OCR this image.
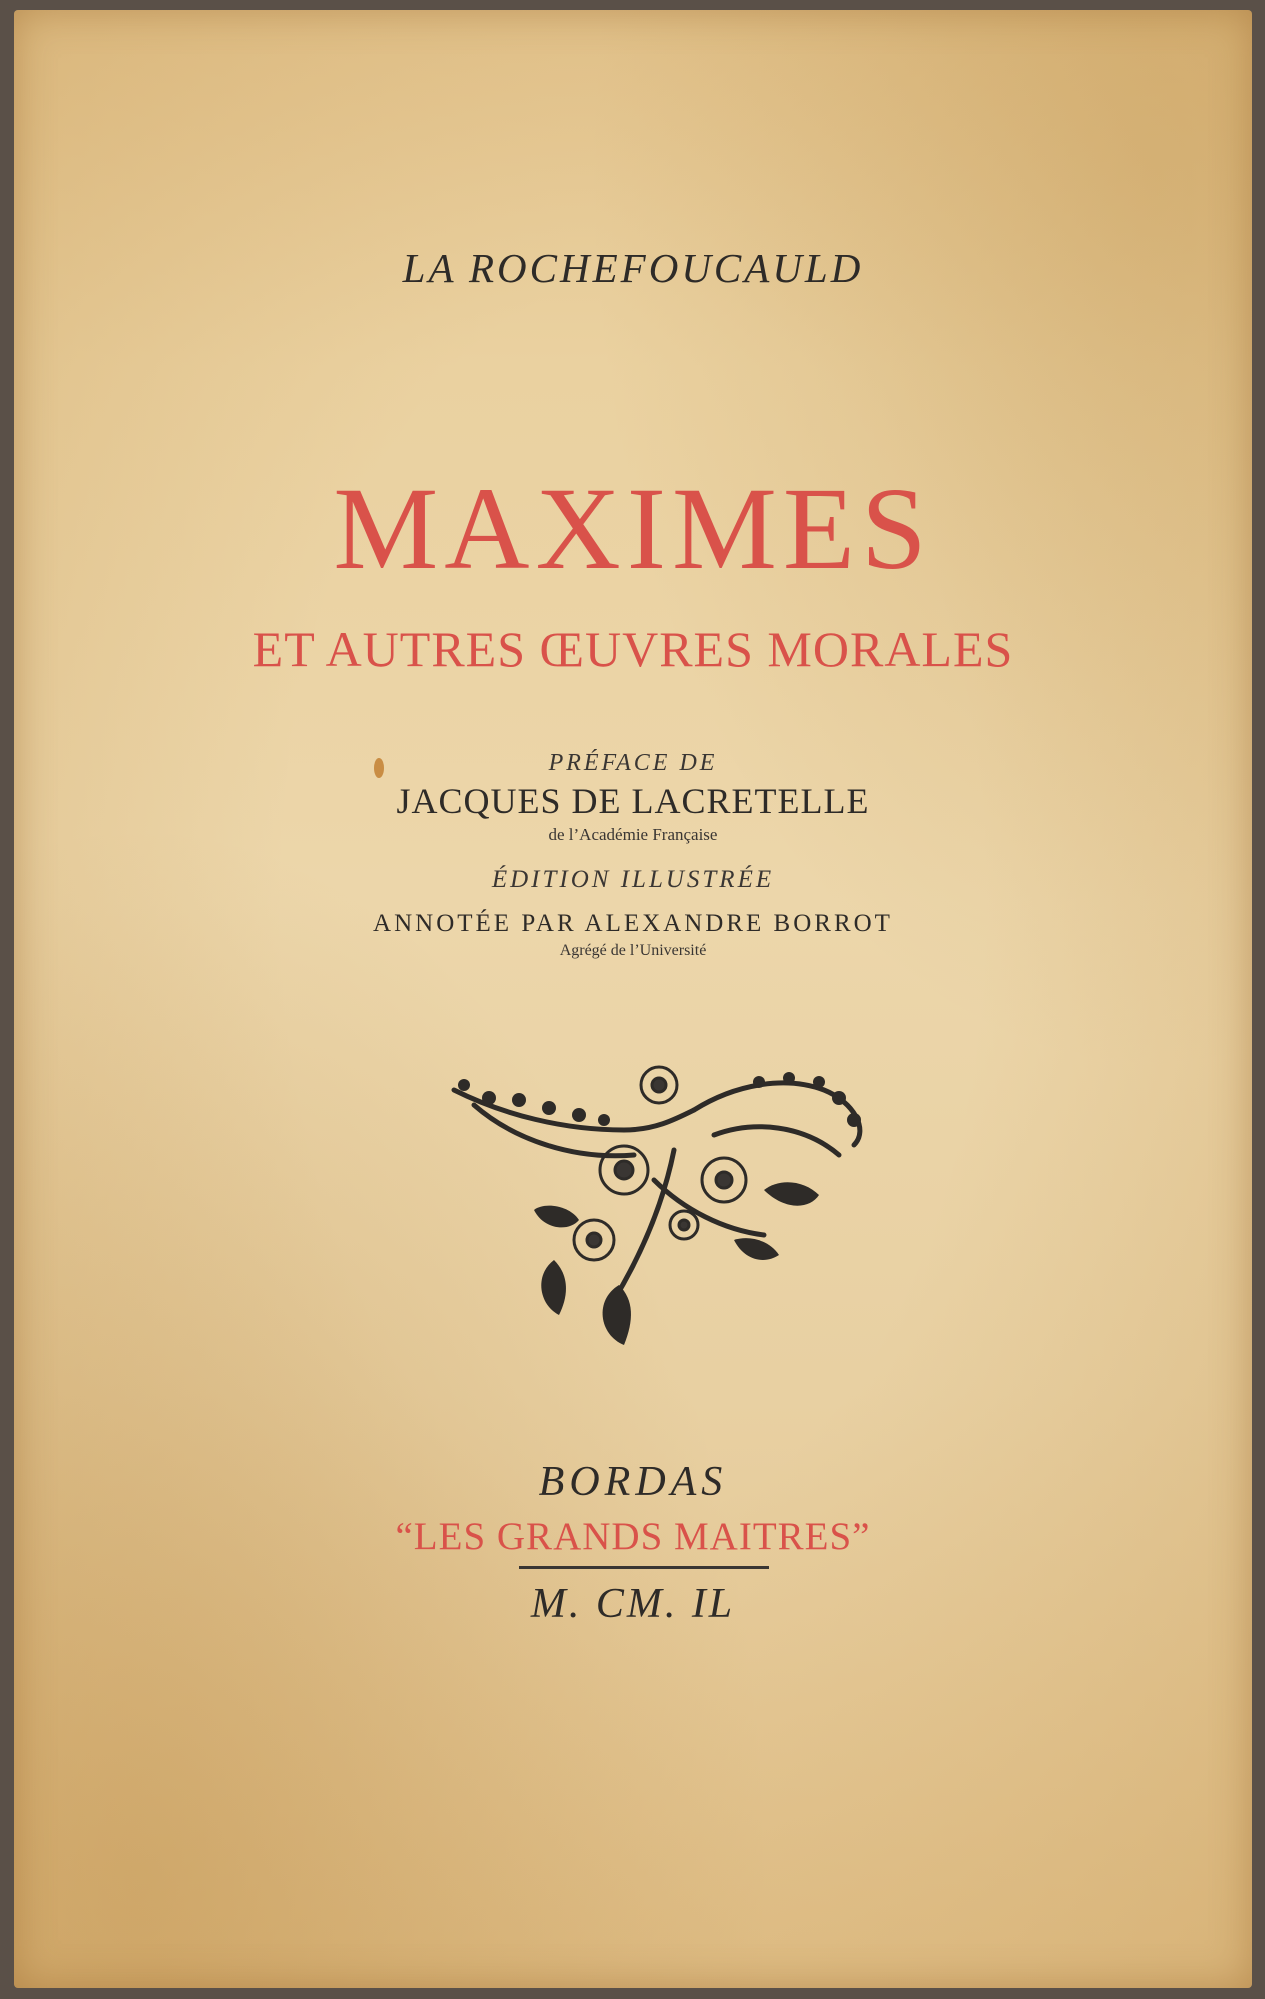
LA ROCHEFOUCAULD
MAXIMES
ET AUTRES ŒUVRES MORALES
PRÉFACE DE
JACQUES DE LACRETELLE
de l’Académie Française
ÉDITION ILLUSTRÉE
ANNOTÉE PAR ALEXANDRE BORROT
Agrégé de l’Université
BORDAS
“LES GRANDS MAITRES”
M. CM. IL
